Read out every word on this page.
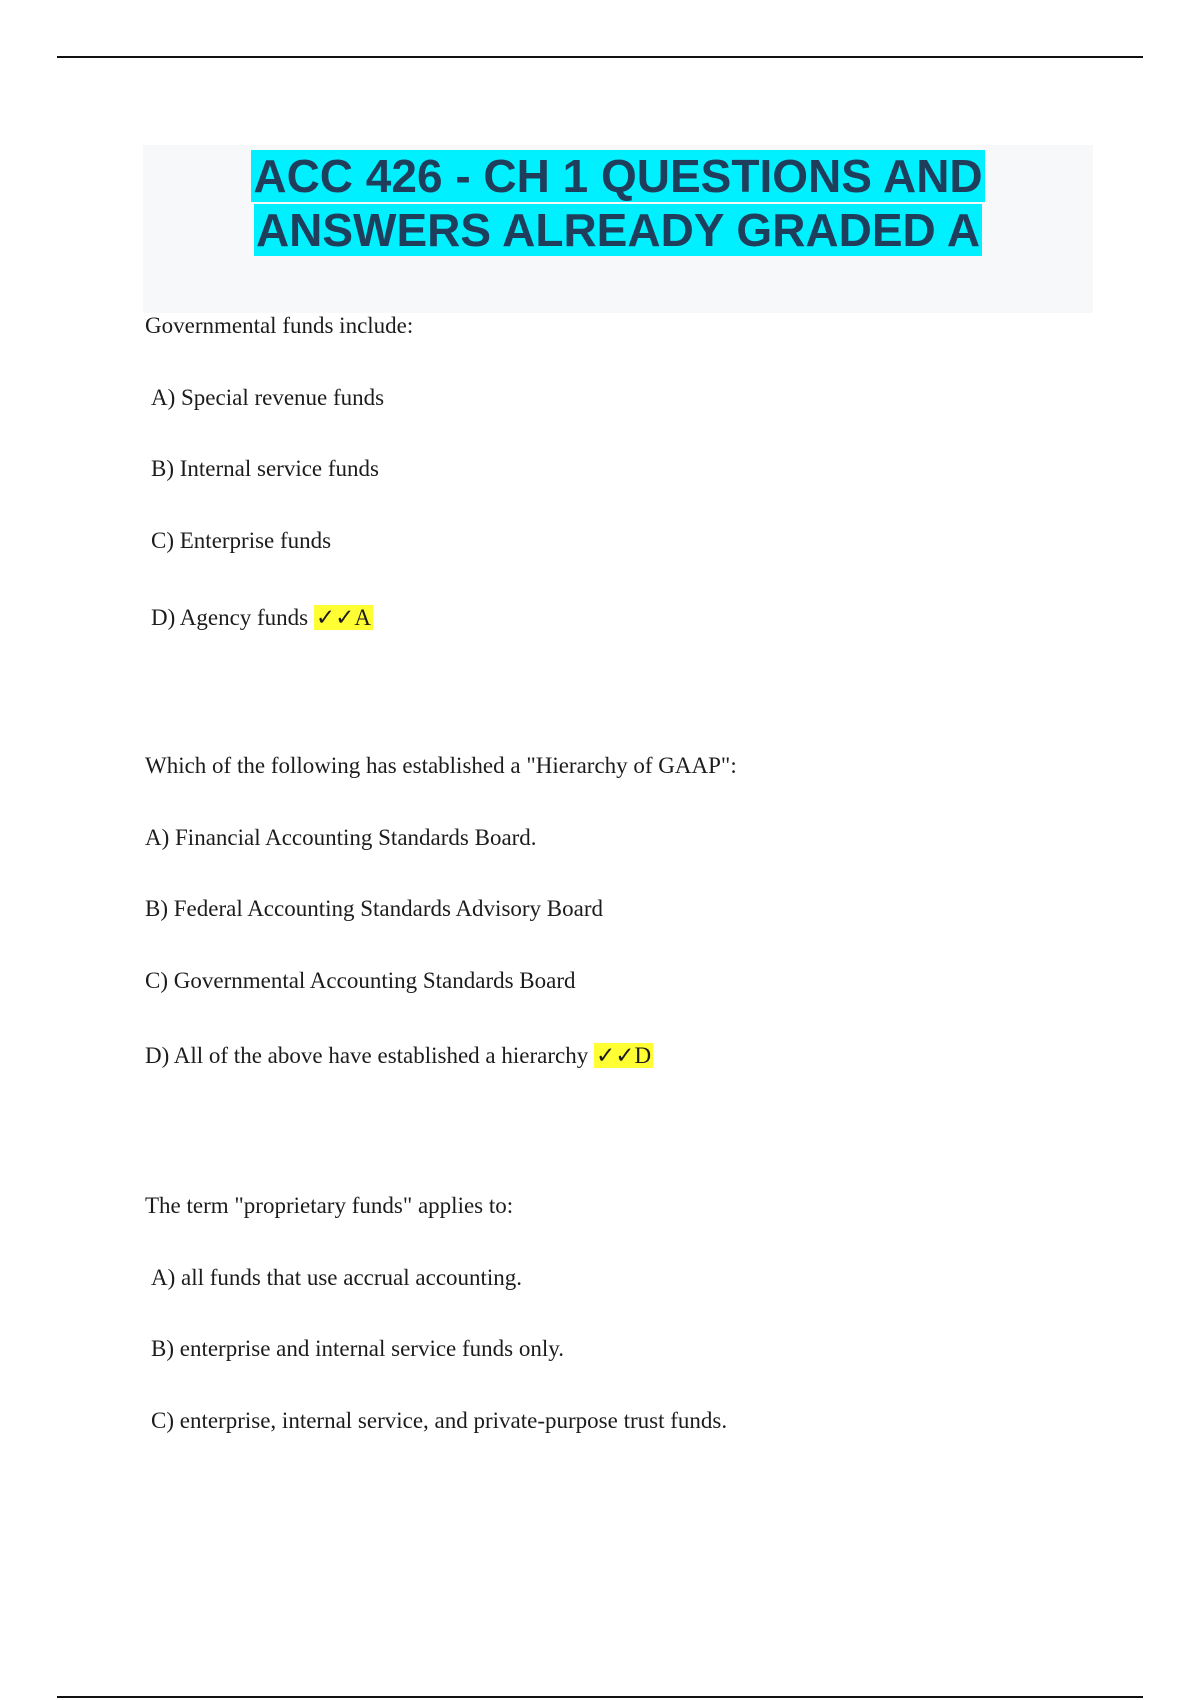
ACC 426 - CH 1 QUESTIONS AND
ANSWERS ALREADY GRADED A

Governmental funds include:

A) Special revenue funds

B) Internal service funds

C) Enterprise funds

D) Agency funds ✓✓A

Which of the following has established a "Hierarchy of GAAP":

A) Financial Accounting Standards Board.

B) Federal Accounting Standards Advisory Board

C) Governmental Accounting Standards Board

D) All of the above have established a hierarchy ✓✓D

The term "proprietary funds" applies to:

A) all funds that use accrual accounting.

B) enterprise and internal service funds only.

C) enterprise, internal service, and private-purpose trust funds.
